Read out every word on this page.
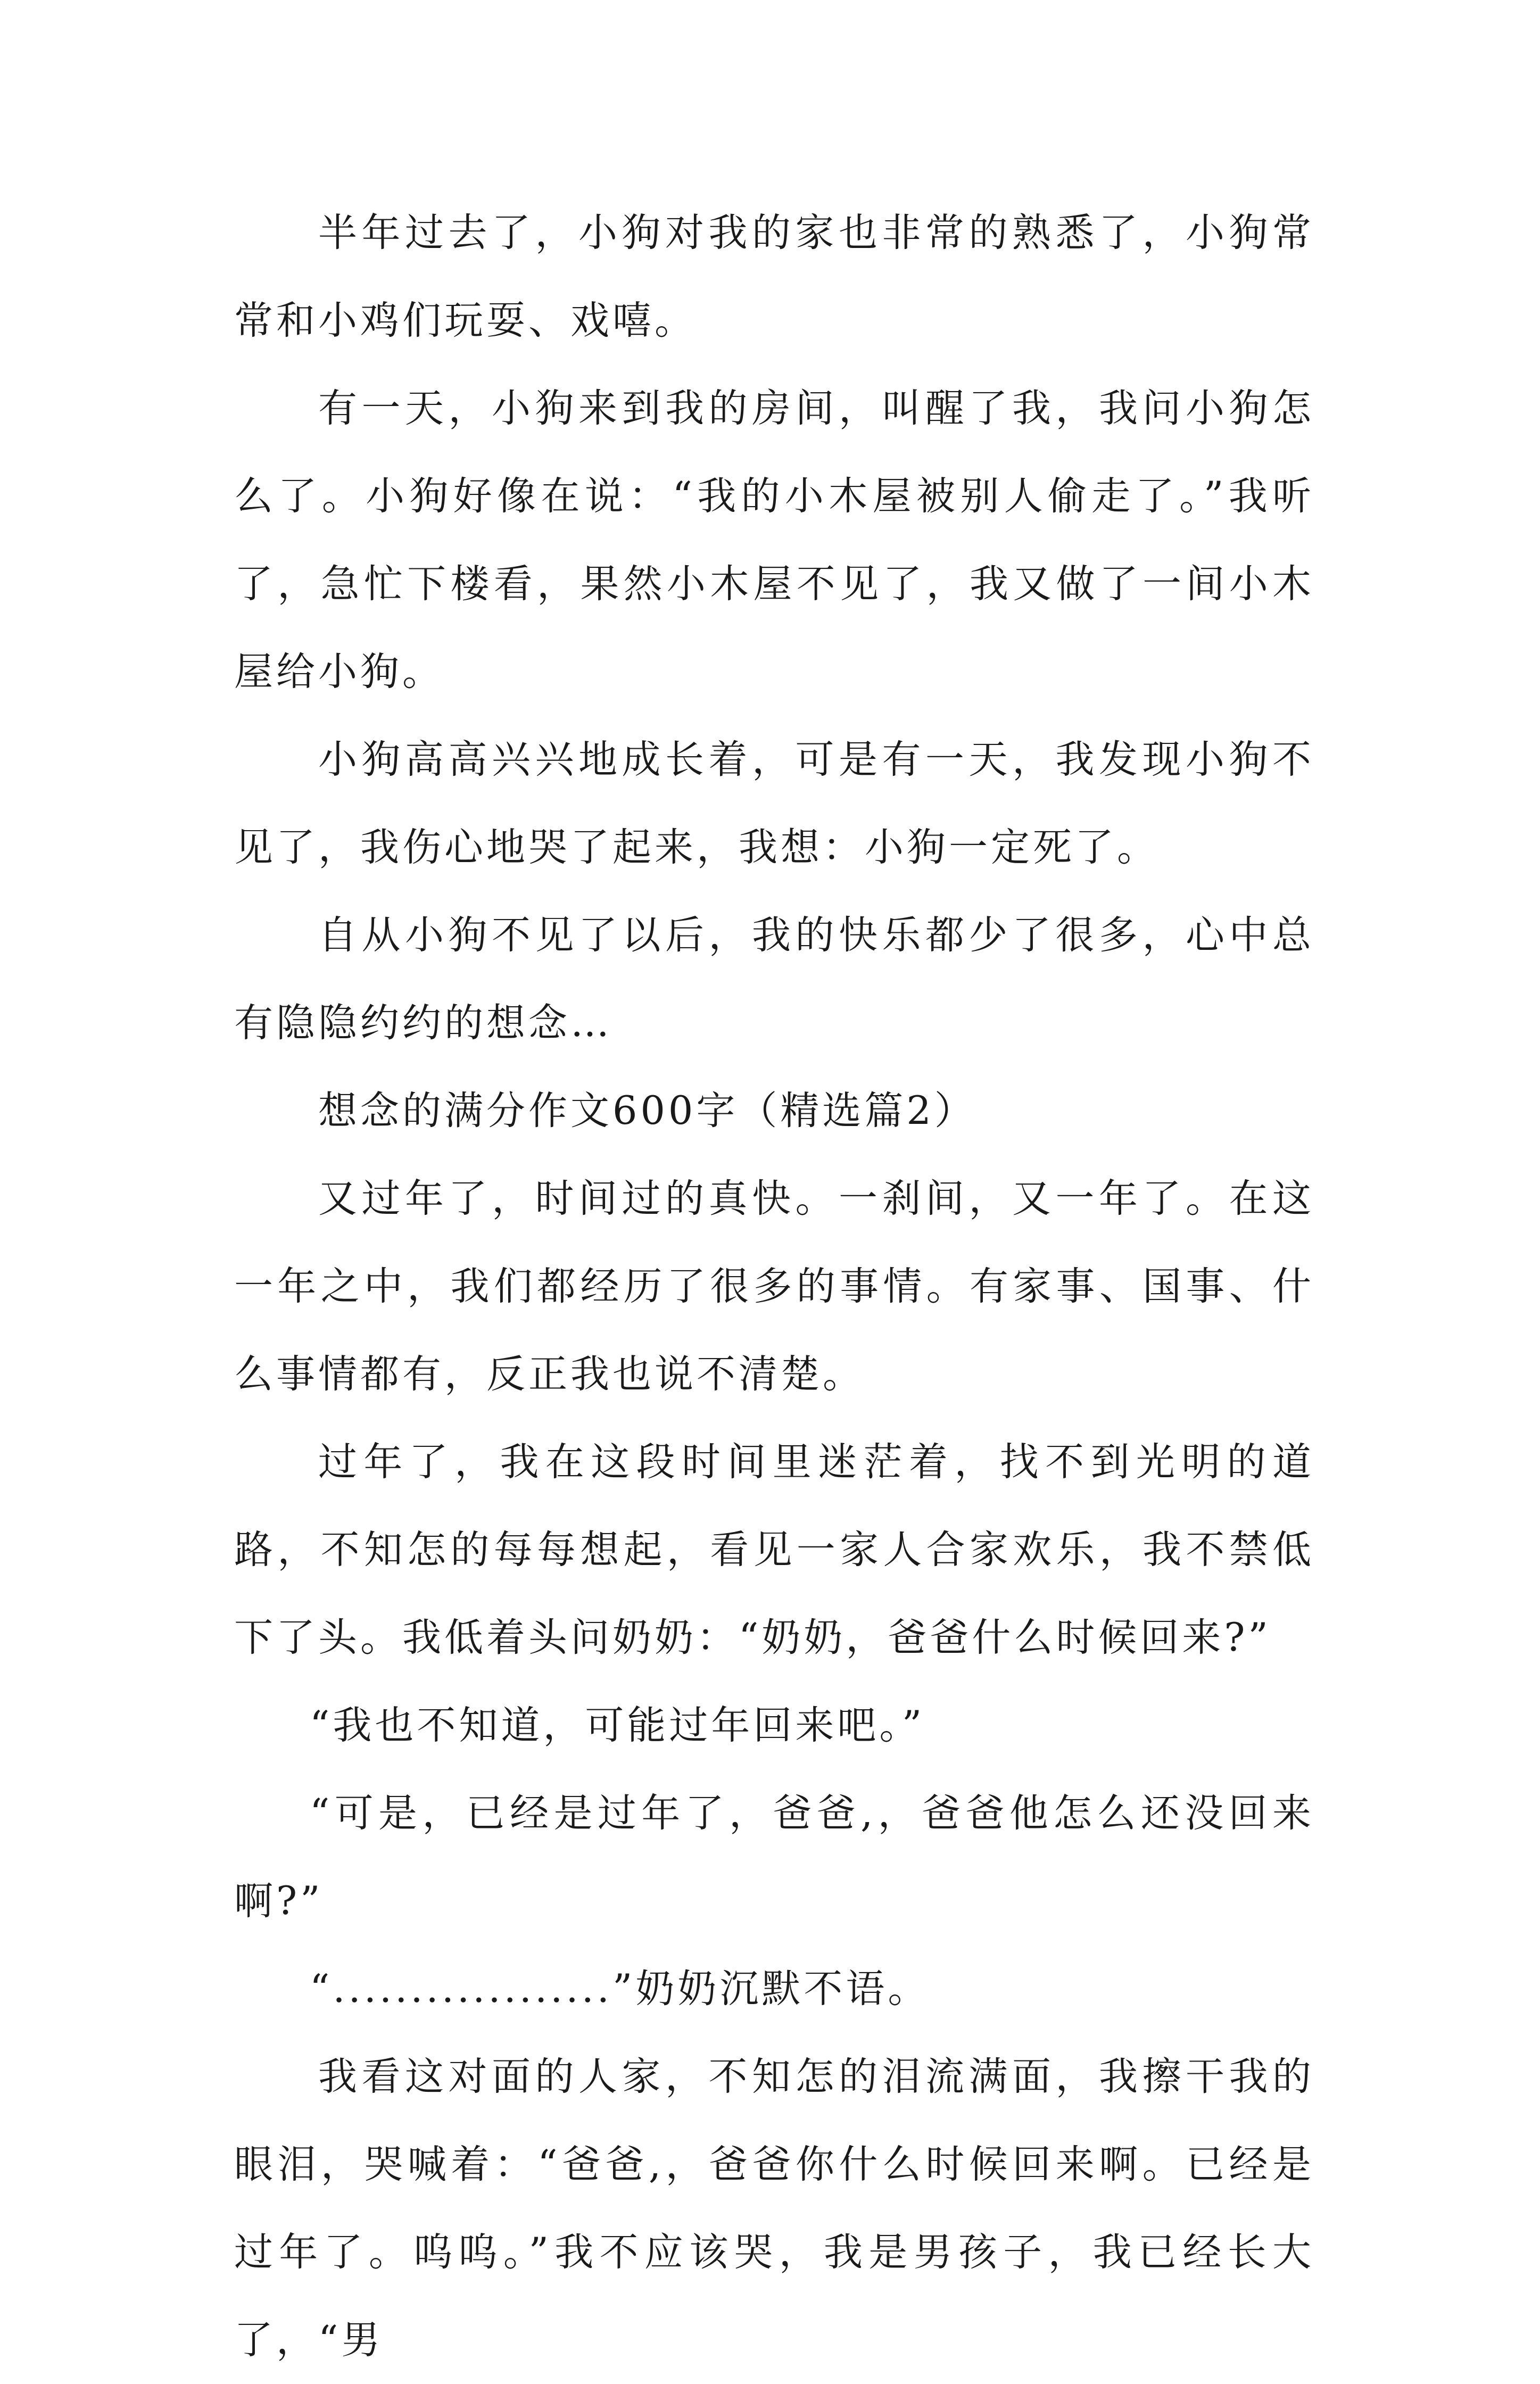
半年过去了，小狗对我的家也非常的熟悉了，小狗常常和小鸡们玩耍、戏嘻。

有一天，小狗来到我的房间，叫醒了我，我问小狗怎么了。小狗好像在说：“我的小木屋被别人偷走了。”我听了，急忙下楼看，果然小木屋不见了，我又做了一间小木屋给小狗。

小狗高高兴兴地成长着，可是有一天，我发现小狗不见了，我伤心地哭了起来，我想：小狗一定死了。

自从小狗不见了以后，我的快乐都少了很多，心中总有隐隐约约的想念…

想念的满分作文600字（精选篇2）

又过年了，时间过的真快。一刹间，又一年了。在这一年之中，我们都经历了很多的事情。有家事、国事、什么事情都有，反正我也说不清楚。

过年了，我在这段时间里迷茫着，找不到光明的道路，不知怎的每每想起，看见一家人合家欢乐，我不禁低下了头。我低着头问奶奶：“奶奶，爸爸什么时候回来?”

“我也不知道，可能过年回来吧。”

“可是，已经是过年了，爸爸,，爸爸他怎么还没回来啊?”

“..................”奶奶沉默不语。

我看这对面的人家，不知怎的泪流满面，我擦干我的眼泪，哭喊着：“爸爸,，爸爸你什么时候回来啊。已经是过年了。呜呜。”我不应该哭，我是男孩子，我已经长大了，“男
